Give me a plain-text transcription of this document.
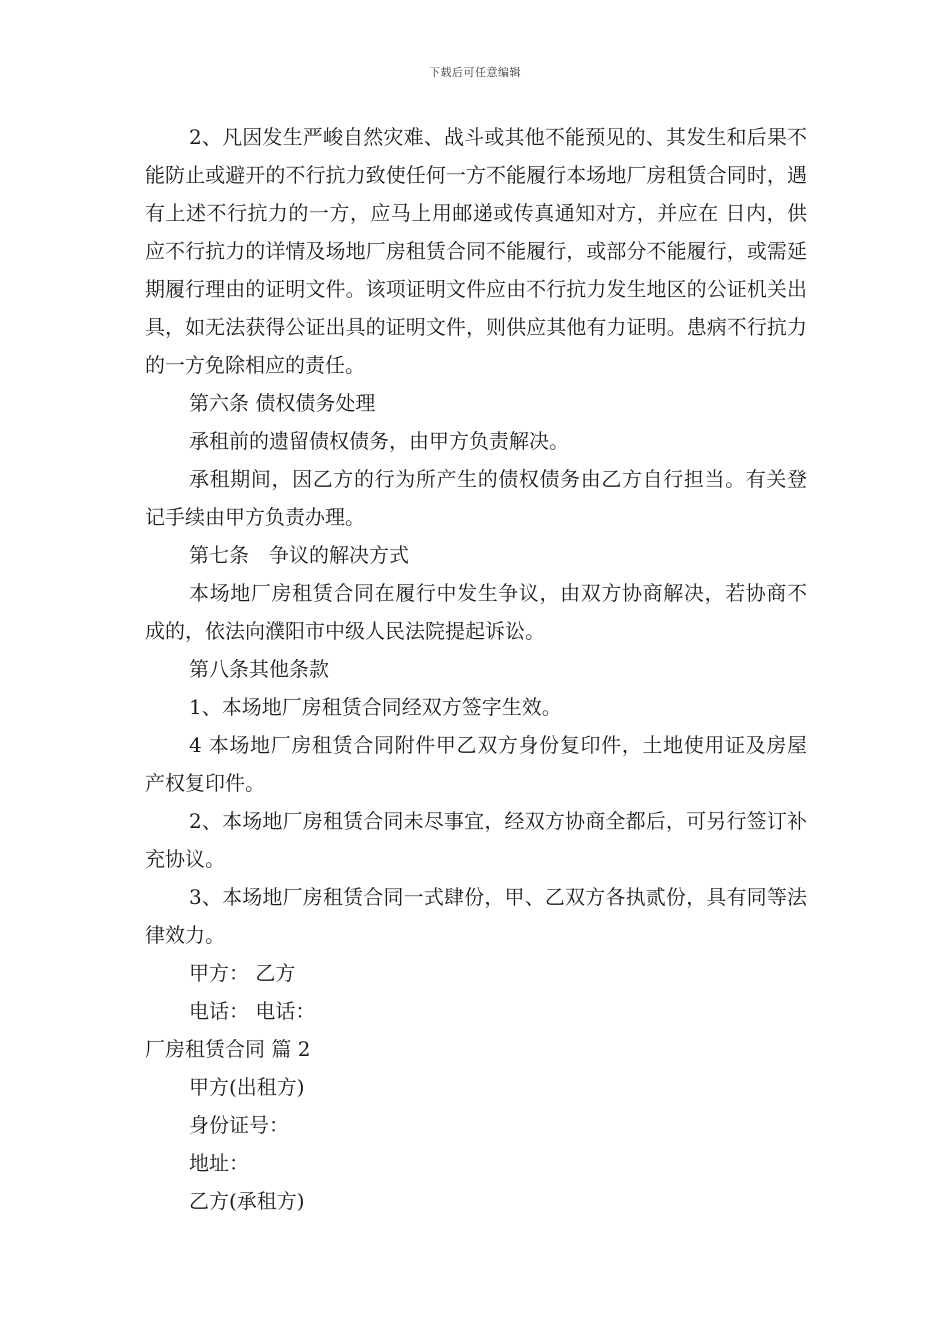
下载后可任意编辑

2、凡因发生严峻自然灾难、战斗或其他不能预见的、其发生和后果不能防止或避开的不行抗力致使任何一方不能履行本场地厂房租赁合同时，遇有上述不行抗力的一方，应马上用邮递或传真通知对方，并应在 日内，供应不行抗力的详情及场地厂房租赁合同不能履行，或部分不能履行，或需延期履行理由的证明文件。该项证明文件应由不行抗力发生地区的公证机关出具，如无法获得公证出具的证明文件，则供应其他有力证明。患病不行抗力的一方免除相应的责任。

第六条 债权债务处理

承租前的遗留债权债务，由甲方负责解决。

承租期间，因乙方的行为所产生的债权债务由乙方自行担当。有关登记手续由甲方负责办理。

第七条　争议的解决方式

本场地厂房租赁合同在履行中发生争议，由双方协商解决，若协商不成的，依法向濮阳市中级人民法院提起诉讼。

第八条其他条款

1、本场地厂房租赁合同经双方签字生效。

4 本场地厂房租赁合同附件甲乙双方身份复印件，土地使用证及房屋产权复印件。

2、本场地厂房租赁合同未尽事宜，经双方协商全都后，可另行签订补充协议。

3、本场地厂房租赁合同一式肆份，甲、乙双方各执贰份，具有同等法律效力。

甲方： 乙方

电话： 电话：

厂房租赁合同 篇 2

甲方(出租方)

身份证号：

地址：

乙方(承租方)
